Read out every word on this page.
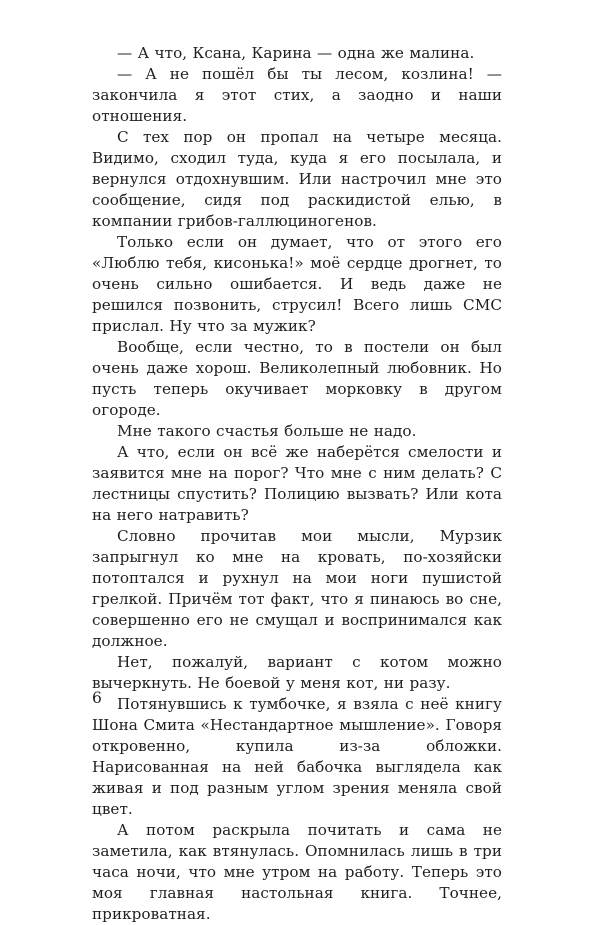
— А что, Ксана, Карина — одна же малина.

— А не пошёл бы ты лесом, козлина! — закончила я этот стих, а заодно и наши отношения.

С тех пор он пропал на четыре месяца. Видимо, сходил туда, куда я его посылала, и вернулся отдохнувшим. Или настрочил мне это сообщение, сидя под раскидистой елью, в компании грибов-галлюциногенов.

Только если он думает, что от этого его «Люблю тебя, кисонька!» моё сердце дрогнет, то очень сильно ошибается. И ведь даже не решился позвонить, струсил! Всего лишь СМС прислал. Ну что за мужик?

Вообще, если честно, то в постели он был очень даже хорош. Великолепный любовник. Но пусть теперь окучивает морковку в другом огороде.

Мне такого счастья больше не надо.

А что, если он всё же наберётся смелости и заявится мне на порог? Что мне с ним делать? С лестницы спустить? Полицию вызвать? Или кота на него натравить?

Словно прочитав мои мысли, Мурзик запрыгнул ко мне на кровать, по-хозяйски потоптался и рухнул на мои ноги пушистой грелкой. Причём тот факт, что я пинаюсь во сне, совершенно его не смущал и воспринимался как должное.

Нет, пожалуй, вариант с котом можно вычеркнуть. Не боевой у меня кот, ни разу.

Потянувшись к тумбочке, я взяла с неё книгу Шона Смита «Нестандартное мышление». Говоря откровенно, купила из-за обложки. Нарисованная на ней бабочка выглядела как живая и под разным углом зрения меняла свой цвет.

А потом раскрыла почитать и сама не заметила, как втянулась. Опомнилась лишь в три часа ночи, что мне утром на работу. Теперь это моя главная настольная книга. Точнее, прикроватная.

6
